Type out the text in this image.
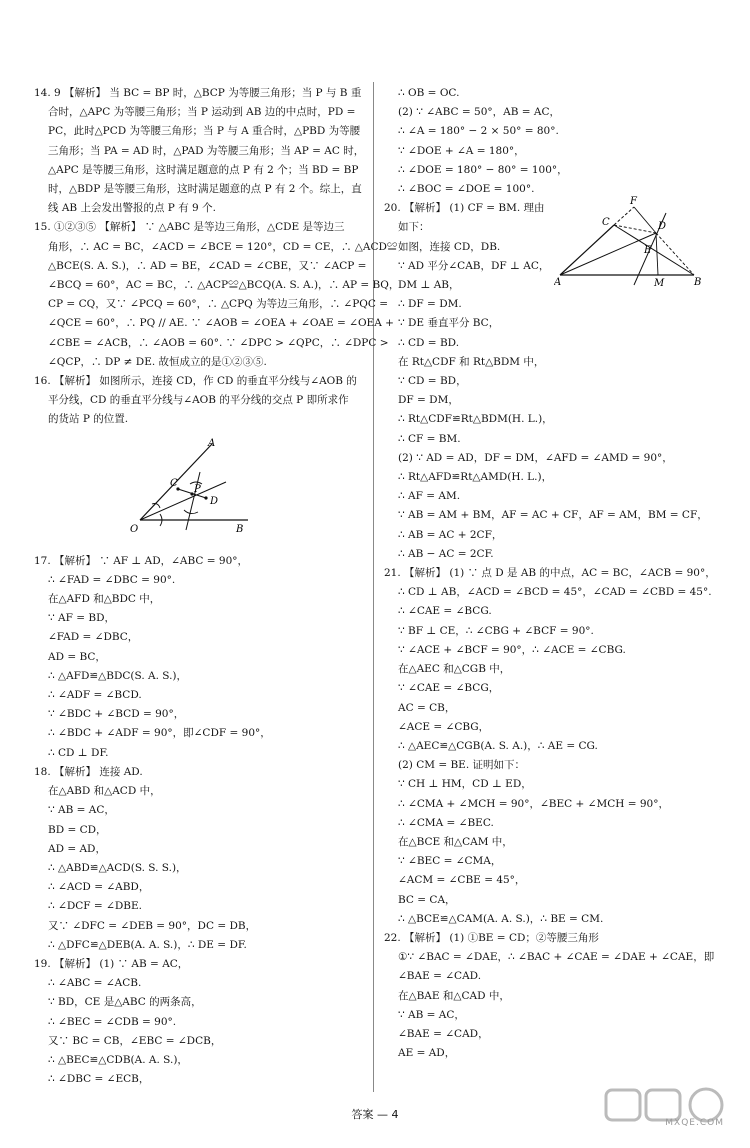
14. 9 【解析】 当 BC = BP 时，△BCP 为等腰三角形；当 P 与 B 重
合时，△APC 为等腰三角形；当 P 运动到 AB 边的中点时，PD =
PC，此时△PCD 为等腰三角形；当 P 与 A 重合时，△PBD 为等腰
三角形；当 PA = AD 时，△PAD 为等腰三角形；当 AP = AC 时，
△APC 是等腰三角形，这时满足题意的点 P 有 2 个；当 BD = BP
时，△BDP 是等腰三角形，这时满足题意的点 P 有 2 个。综上，直
线 AB 上会发出警报的点 P 有 9 个.
15. ①②③⑤ 【解析】 ∵ △ABC 是等边三角形，△CDE 是等边三
角形，∴ AC = BC，∠ACD = ∠BCE = 120°，CD = CE，∴ △ACD≌
△BCE(S. A. S.)，∴ AD = BE，∠CAD = ∠CBE，又∵ ∠ACP =
∠BCQ = 60°，AC = BC，∴ △ACP≌△BCQ(A. S. A.)，∴ AP = BQ，
CP = CQ，又∵ ∠PCQ = 60°，∴ △CPQ 为等边三角形，∴ ∠PQC =
∠QCE = 60°，∴ PQ // AE. ∵ ∠AOB = ∠OEA + ∠OAE = ∠OEA +
∠CBE = ∠ACB，∴ ∠AOB = 60°. ∵ ∠DPC > ∠QPC，∴ ∠DPC >
∠QCP，∴ DP ≠ DE. 故恒成立的是①②③⑤.
16. 【解析】 如图所示，连接 CD，作 CD 的垂直平分线与∠AOB 的
平分线，CD 的垂直平分线与∠AOB 的平分线的交点 P 即所求作
的货站 P 的位置.
A
C
P
D
O	B
17. 【解析】 ∵ AF ⊥ AD，∠ABC = 90°，
∴ ∠FAD = ∠DBC = 90°.
在△AFD 和△BDC 中，
∵ AF = BD，
∠FAD = ∠DBC，
AD = BC，
∴ △AFD≌△BDC(S. A. S.)，
∴ ∠ADF = ∠BCD.
∵ ∠BDC + ∠BCD = 90°，
∴ ∠BDC + ∠ADF = 90°，即∠CDF = 90°，
∴ CD ⊥ DF.
18. 【解析】 连接 AD.
在△ABD 和△ACD 中，
∵ AB = AC，
BD = CD，
AD = AD，
∴ △ABD≌△ACD(S. S. S.)，
∴ ∠ACD = ∠ABD，
∴ ∠DCF = ∠DBE.
又∵ ∠DFC = ∠DEB = 90°，DC = DB，
∴ △DFC≌△DEB(A. A. S.)，∴ DE = DF.
19. 【解析】 (1) ∵ AB = AC，
∴ ∠ABC = ∠ACB.
∵ BD，CE 是△ABC 的两条高，
∴ ∠BEC = ∠CDB = 90°.
又∵ BC = CB，∠EBC = ∠DCB，
∴ △BEC≌△CDB(A. A. S.)，
∴ ∠DBC = ∠ECB，
∴ OB = OC.
(2) ∵ ∠ABC = 50°，AB = AC，
∴ ∠A = 180° − 2 × 50° = 80°.
∵ ∠DOE + ∠A = 180°，
∴ ∠DOE = 180° − 80° = 100°，
∴ ∠BOC = ∠DOE = 100°.
20. 【解析】 (1) CF = BM. 理由
如下：
如图，连接 CD，DB.
∵ AD 平分∠CAB，DF ⊥ AC，
DM ⊥ AB，
∴ DF = DM.
∵ DE 垂直平分 BC，
∴ CD = BD.
在 Rt△CDF 和 Rt△BDM 中，
∵ CD = BD，
DF = DM，
∴ Rt△CDF≌Rt△BDM(H. L.)，
∴ CF = BM.
(2) ∵ AD = AD，DF = DM，∠AFD = ∠AMD = 90°，
∴ Rt△AFD≌Rt△AMD(H. L.)，
∴ AF = AM.
∵ AB = AM + BM，AF = AC + CF，AF = AM，BM = CF，
∴ AB = AC + 2CF，
∴ AB − AC = 2CF.
F
C	D
E
A	M	B
21. 【解析】 (1) ∵ 点 D 是 AB 的中点，AC = BC，∠ACB = 90°，
∴ CD ⊥ AB，∠ACD = ∠BCD = 45°，∠CAD = ∠CBD = 45°.
∴ ∠CAE = ∠BCG.
∵ BF ⊥ CE，∴ ∠CBG + ∠BCF = 90°.
∵ ∠ACE + ∠BCF = 90°，∴ ∠ACE = ∠CBG.
在△AEC 和△CGB 中，
∵ ∠CAE = ∠BCG，
AC = CB，
∠ACE = ∠CBG，
∴ △AEC≌△CGB(A. S. A.)，∴ AE = CG.
(2) CM = BE. 证明如下：
∵ CH ⊥ HM，CD ⊥ ED，
∴ ∠CMA + ∠MCH = 90°，∠BEC + ∠MCH = 90°，
∴ ∠CMA = ∠BEC.
在△BCE 和△CAM 中，
∵ ∠BEC = ∠CMA，
∠ACM = ∠CBE = 45°，
BC = CA，
∴ △BCE≌△CAM(A. A. S.)，∴ BE = CM.
22. 【解析】 (1) ①BE = CD；②等腰三角形
①∵ ∠BAC = ∠DAE，∴ ∠BAC + ∠CAE = ∠DAE + ∠CAE，即
∠BAE = ∠CAD.
在△BAE 和△CAD 中，
∵ AB = AC，
∠BAE = ∠CAD，
AE = AD，
答案 — 4
MXQE.COM
